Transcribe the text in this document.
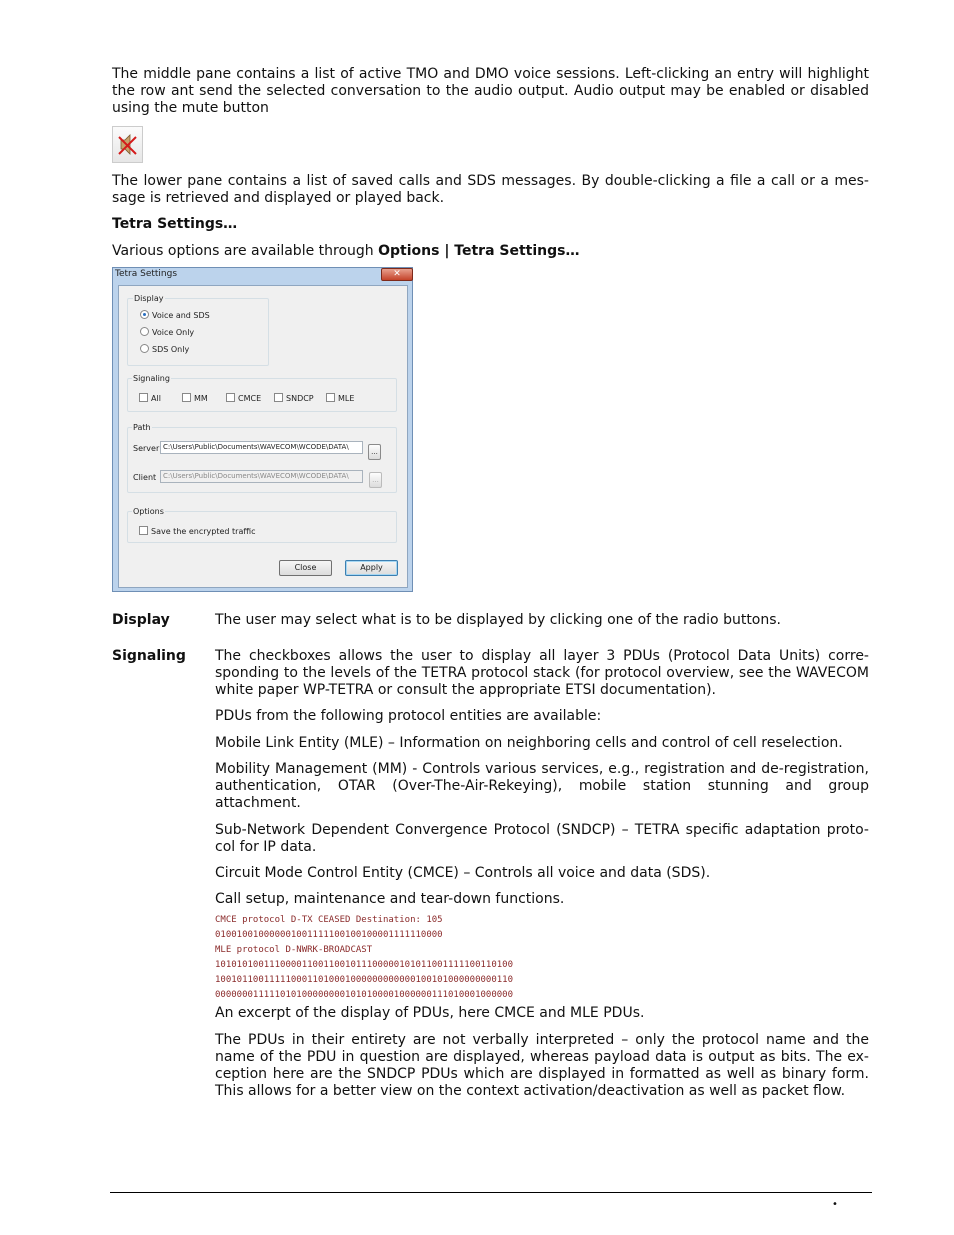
The middle pane contains a list of active TMO and DMO voice sessions. Left-clicking an entry will highlight the row ant send the selected conversation to the audio output. Audio output may be enabled or disabled using the mute button
The lower pane contains a list of saved calls and SDS messages. By double-clicking a file a call or a mes-sage is retrieved and displayed or played back.
Tetra Settings…
Various options are available through Options | Tetra Settings…
Tetra Settings	✕
Display
Voice and SDS
Voice Only
SDS Only
Signaling
All	MM	CMCE	SNDCP	MLE
Path
Server C:\Users\Public\Documents\WAVECOM\WCODE\DATA\
...
Client C:\Users\Public\Documents\WAVECOM\WCODE\DATA\	...
Options
Save the encrypted traffic
Close	Apply
Display	The user may select what is to be displayed by clicking one of the radio buttons.
Signaling The checkboxes allows the user to display all layer 3 PDUs (Protocol Data Units) corre-sponding to the levels of the TETRA protocol stack (for protocol overview, see the WAVECOM white paper WP-TETRA or consult the appropriate ETSI documentation).
PDUs from the following protocol entities are available:
Mobile Link Entity (MLE) – Information on neighboring cells and control of cell reselection.
Mobility Management (MM) - Controls various services, e.g., registration and de-registration, authentication, OTAR (Over-The-Air-Rekeying), mobile station stunning and group attachment.
Sub-Network Dependent Convergence Protocol (SNDCP) – TETRA specific adaptation proto-col for IP data.
Circuit Mode Control Entity (CMCE) – Controls all voice and data (SDS).
Call setup, maintenance and tear-down functions.
CMCE protocol D-TX CEASED Destination: 105
010010010000001001111100100100001111110000
MLE protocol D-NWRK-BROADCAST
1010101001110000110011001011100000101011001111100110100
1001011001111100011010001000000000000100101000000000110
0000000111110101000000001010100001000000111010001000000
An excerpt of the display of PDUs, here CMCE and MLE PDUs.
The PDUs in their entirety are not verbally interpreted – only the protocol name and the name of the PDU in question are displayed, whereas payload data is output as bits. The ex-ception here are the SNDCP PDUs which are displayed in formatted as well as binary form. This allows for a better view on the context activation/deactivation as well as packet flow.
•
